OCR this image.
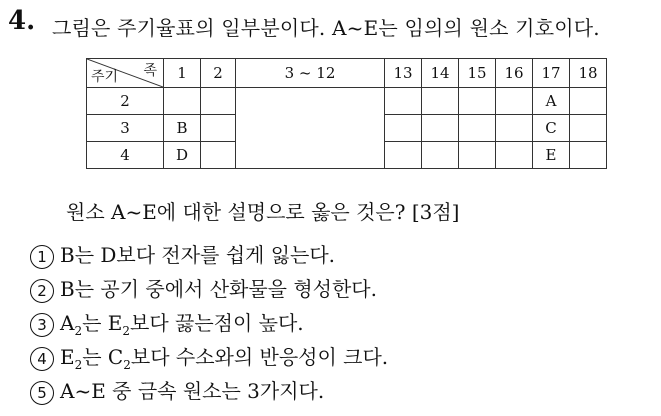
4. 그림은 주기율표의 일부분이다. A~E는 임의의 원소 기호이다.
족
주기	1	2	3 ~ 12	13	14	15	16	17	18
2								A	
3	B							C	
4	D							E	
원소 A~E에 대한 설명으로 옳은 것은? [3점]
1 B는 D보다 전자를 쉽게 잃는다.
2 B는 공기 중에서 산화물을 형성한다.
3 $A_2$는 $E_2$보다 끓는점이 높다.
4 $E_2$는 $C_2$보다 수소와의 반응성이 크다.
5 A~E 중 금속 원소는 3가지다.
